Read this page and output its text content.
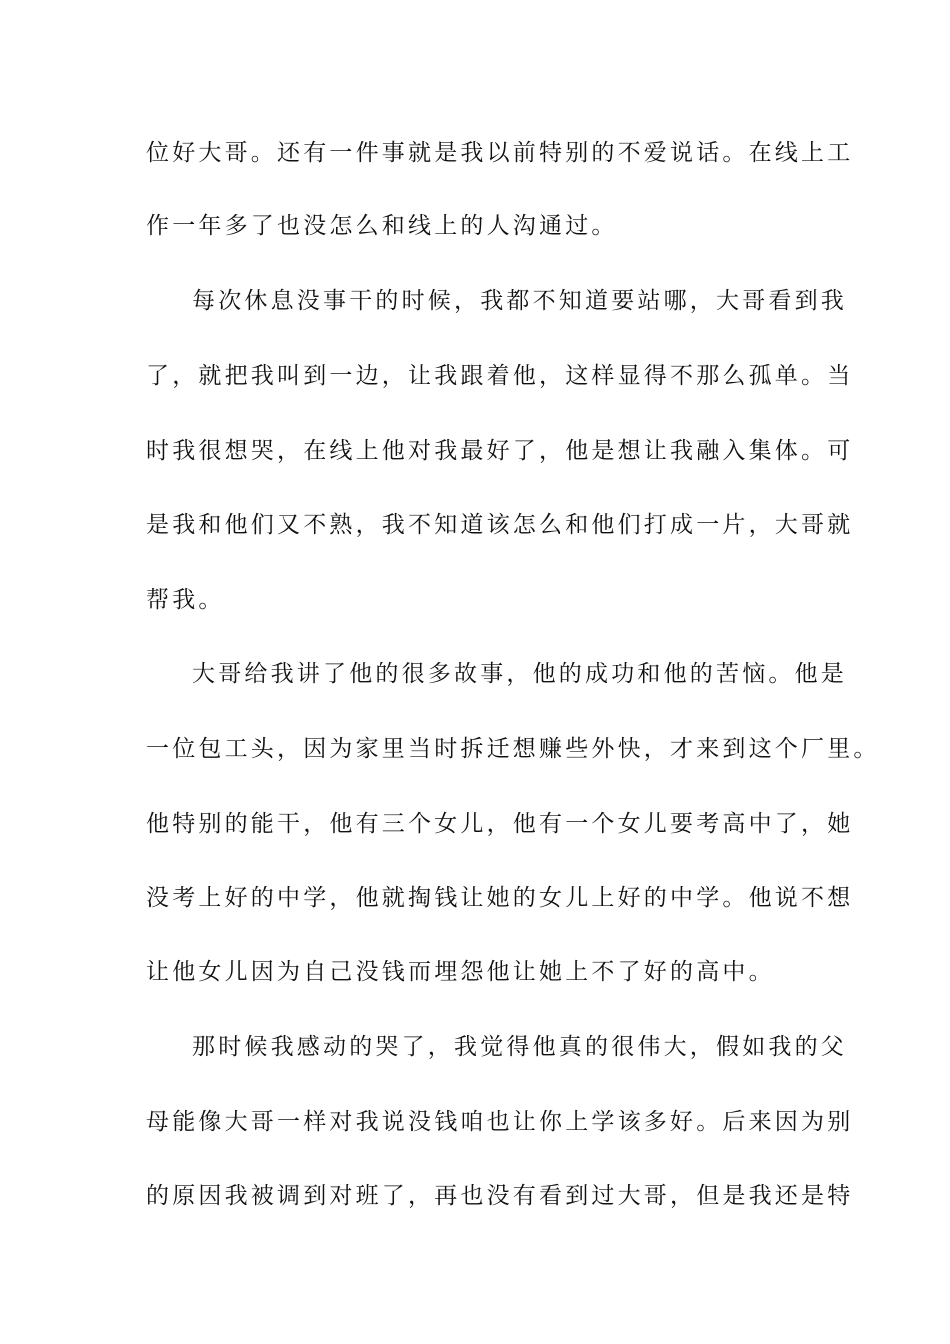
位好大哥。还有一件事就是我以前特别的不爱说话。在线上工
作一年多了也没怎么和线上的人沟通过。
每次休息没事干的时候，我都不知道要站哪，大哥看到我
了，就把我叫到一边，让我跟着他，这样显得不那么孤单。当
时我很想哭，在线上他对我最好了，他是想让我融入集体。可
是我和他们又不熟，我不知道该怎么和他们打成一片，大哥就
帮我。
大哥给我讲了他的很多故事，他的成功和他的苦恼。他是
一位包工头，因为家里当时拆迁想赚些外快，才来到这个厂里。
他特别的能干，他有三个女儿，他有一个女儿要考高中了，她
没考上好的中学，他就掏钱让她的女儿上好的中学。他说不想
让他女儿因为自己没钱而埋怨他让她上不了好的高中。
那时候我感动的哭了，我觉得他真的很伟大，假如我的父
母能像大哥一样对我说没钱咱也让你上学该多好。后来因为别
的原因我被调到对班了，再也没有看到过大哥，但是我还是特
